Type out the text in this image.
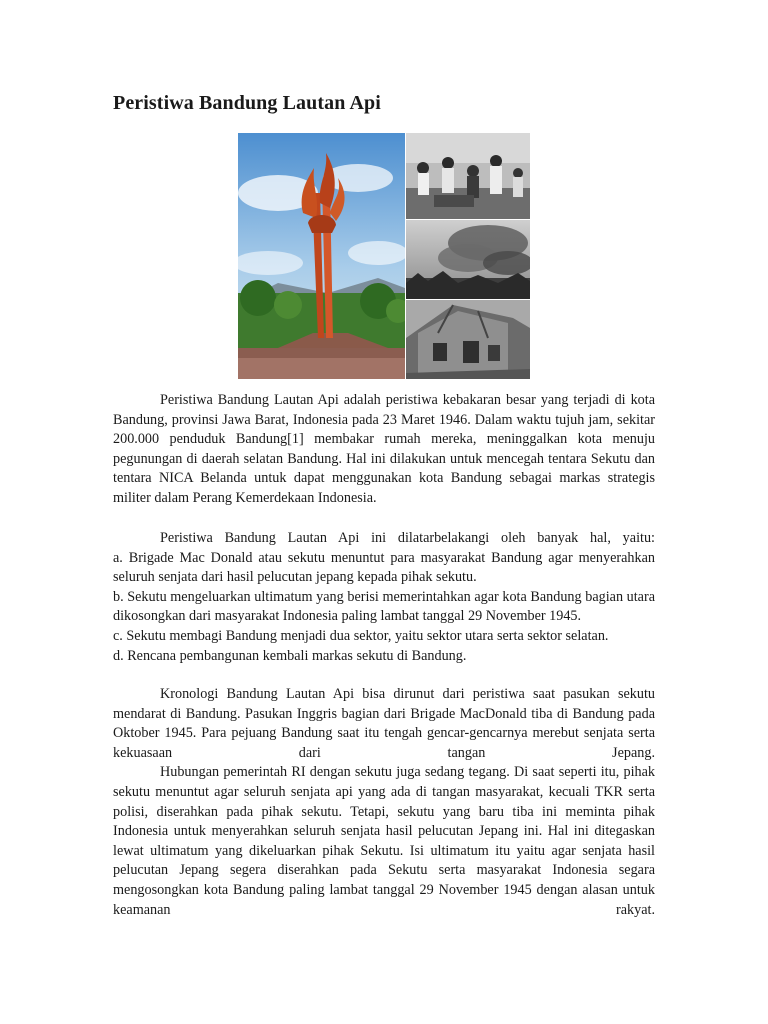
Peristiwa Bandung Lautan Api

Peristiwa Bandung Lautan Api adalah peristiwa kebakaran besar yang terjadi di kota Bandung, provinsi Jawa Barat, Indonesia pada 23 Maret 1946. Dalam waktu tujuh jam, sekitar 200.000 penduduk Bandung[1] membakar rumah mereka, meninggalkan kota menuju pegunungan di daerah selatan Bandung. Hal ini dilakukan untuk mencegah tentara Sekutu dan tentara NICA Belanda untuk dapat menggunakan kota Bandung sebagai markas strategis militer dalam Perang Kemerdekaan Indonesia.

Peristiwa Bandung Lautan Api ini dilatarbelakangi oleh banyak hal, yaitu:

a. Brigade Mac Donald atau sekutu menuntut para masyarakat Bandung agar menyerahkan seluruh senjata dari hasil pelucutan jepang kepada pihak sekutu.

b. Sekutu mengeluarkan ultimatum yang berisi memerintahkan agar kota Bandung bagian utara dikosongkan dari masyarakat Indonesia paling lambat tanggal 29 November 1945.

c. Sekutu membagi Bandung menjadi dua sektor, yaitu sektor utara serta sektor selatan.

d. Rencana pembangunan kembali markas sekutu di Bandung.

Kronologi Bandung Lautan Api bisa dirunut dari peristiwa saat pasukan sekutu mendarat di Bandung. Pasukan Inggris bagian dari Brigade MacDonald tiba di Bandung pada Oktober 1945. Para pejuang Bandung saat itu tengah gencar-gencarnya merebut senjata serta kekuasaan dari tangan Jepang.

Hubungan pemerintah RI dengan sekutu juga sedang tegang. Di saat seperti itu, pihak sekutu menuntut agar seluruh senjata api yang ada di tangan masyarakat, kecuali TKR serta polisi, diserahkan pada pihak sekutu. Tetapi, sekutu yang baru tiba ini meminta pihak Indonesia untuk menyerahkan seluruh senjata hasil pelucutan Jepang ini. Hal ini ditegaskan lewat ultimatum yang dikeluarkan pihak Sekutu. Isi ultimatum itu yaitu agar senjata hasil pelucutan Jepang segera diserahkan pada Sekutu serta masyarakat Indonesia segara mengosongkan kota Bandung paling lambat tanggal 29 November 1945 dengan alasan untuk keamanan rakyat.
